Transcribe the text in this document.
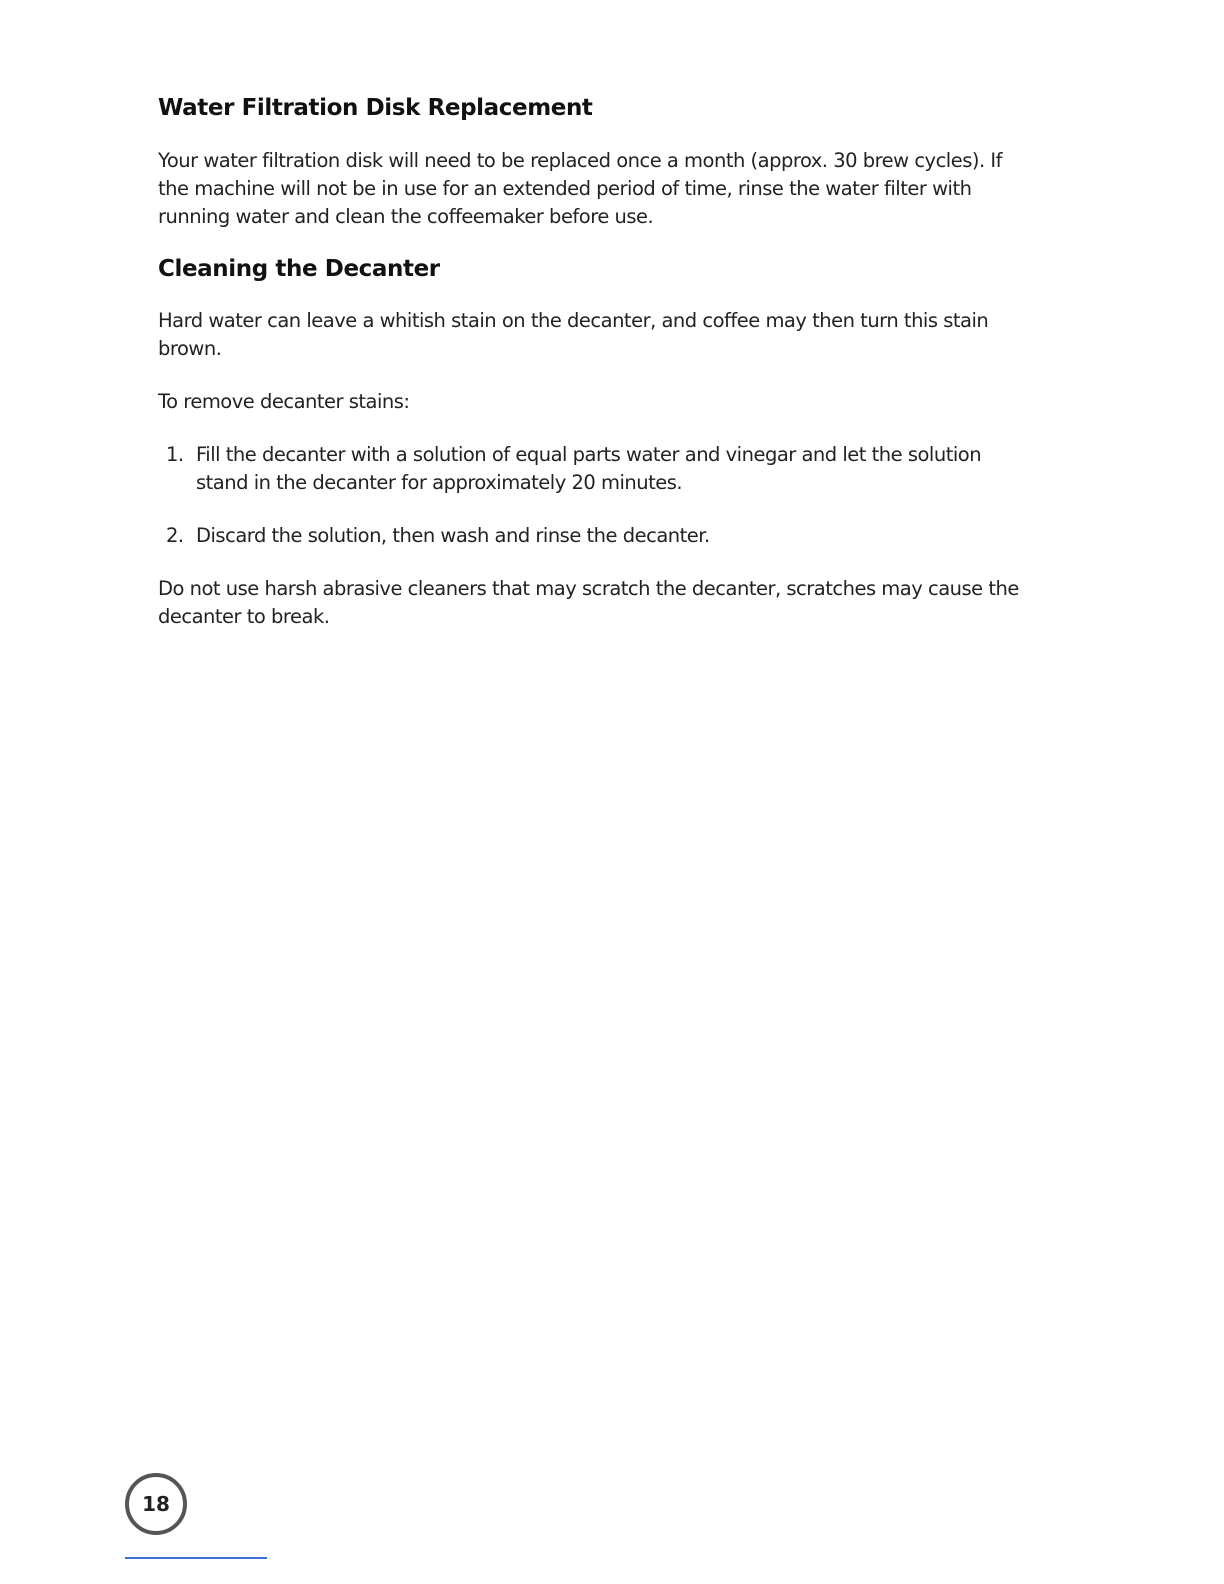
Water Filtration Disk Replacement

Your water filtration disk will need to be replaced once a month (approx. 30 brew cycles). If the machine will not be in use for an extended period of time, rinse the water filter with running water and clean the coffeemaker before use.

Cleaning the Decanter

Hard water can leave a whitish stain on the decanter, and coffee may then turn this stain brown.

To remove decanter stains:

1. Fill the decanter with a solution of equal parts water and vinegar and let the solution stand in the decanter for approximately 20 minutes.
2. Discard the solution, then wash and rinse the decanter.

Do not use harsh abrasive cleaners that may scratch the decanter, scratches may cause the decanter to break.

18
